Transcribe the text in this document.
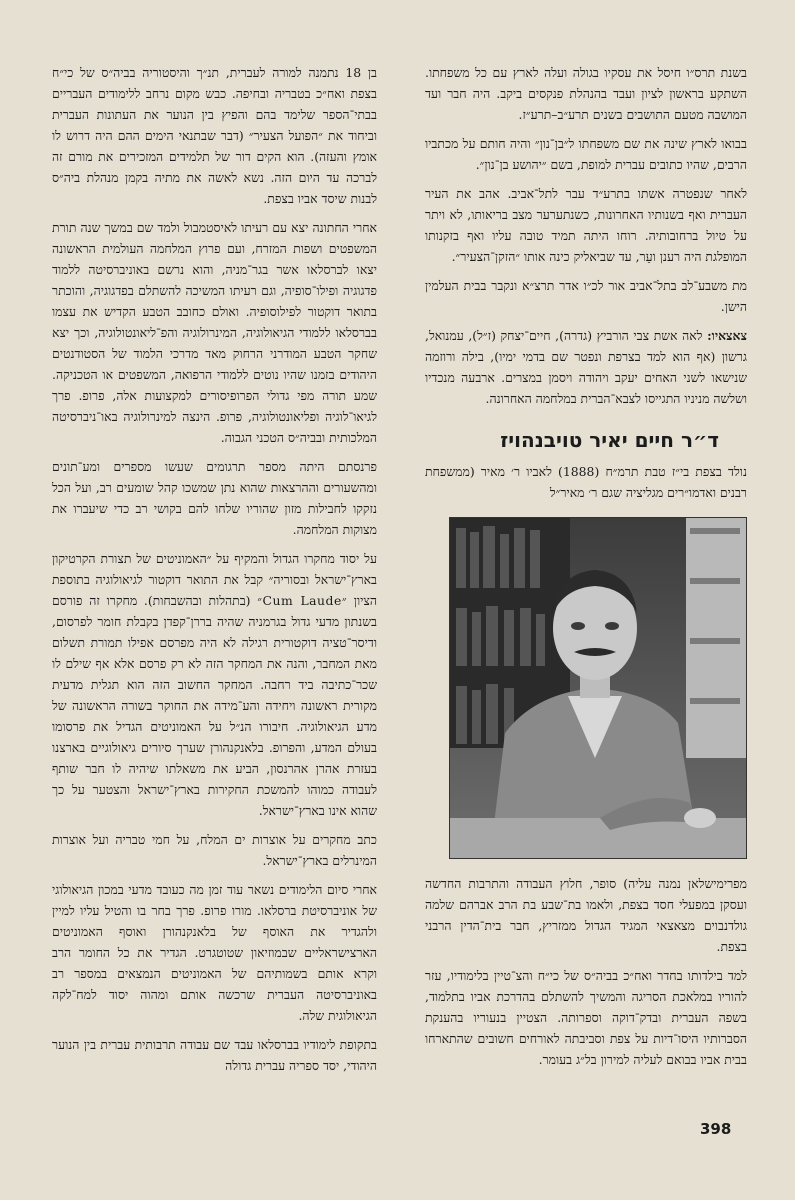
בשנת תרס״ו חיסל את עסקיו בגולה ועלה לארץ עם כל משפחתו. השתקע בראשון לציון ועבד בהנהלת פנקסים ביקב. היה חבר ועד המושבה מטעם התושבים בשנים תרע״ב–תרע״ז.

בבואו לארץ שינה את שם משפחתו ל״בן־נון״ והיה חותם על מכתביו הרבים, שהיו כתובים עברית למופת, בשם ״יהושע בן־נון״.

לאחר שנפטרה אשתו בתרע״ד עבר לתל־אביב. אהב את העיר העברית ואף בשנותיו האחרונות, כשנתערער מצב בריאותו, לא ויתר על טיול ברחובותיה. רוחו היתה תמיד טובה עליו ואף בזקנותו המופלגת היה רענן ועֵר, עד שביאליק כינה אותו ״הזקן־הצעיר״.

מת משבע־לב בתל־אביב אור לכ״ו אדר תרצ״א ונקבר בבית העלמין הישן.

צאצאיו: לאה אשת צבי הורביץ (גדרה), חיים־יצחק (ז״ל), עמנואל, גרשון (אף הוא למד בצרפת ונפטר שם בדמי ימיו), בילה ורוזמה שנישאו לשני האחים יעקב ויהודה ויסמן במצרים. ארבעה מנכדיו ושלשה מניניו התגייסו לצבא־הברית במלחמה האחרונה.

ד״ר חיים יאיר טויבנהויז

נולד בצפת בי״ז טבת תרמ״ח (1888) לאביו ר׳ מאיר (ממשפחת רבנים ואדמו״רים מגליציה שגם ר׳ מאיר״ל

מפרימישלאן נמנה עליה) סופר, חלוץ העבודה והתרבות החדשה ועסקן במפעלי חסד בצפת, ולאמו בת־שבע בת הרב אברהם שלמה גולדנבוים מצאצאי המגיד הגדול ממזריץ, חבר בית־הדין הרבני בצפת.

למד בילדותו בחדר ואח״כ בביה״ס של כי״ח והצ־טיין בלימודיו, עזר להוריו במלאכת הסריגה והמשיך להשתלם בהדרכת אביו בתלמוד, בשפה העברית ובדק־דוקה וספרותה. הצטיין בנעוריו בהענקת הסברותיו היסו־דיות על צפת וסביבתה לאורחים חשובים שהתארחו בבית אביו בבואם לעליה למירון בל״ג בעומר.

בן 18 נתמנה למורה לעברית, תנ״ך והיסטוריה בביה״ס של כי״ח בצפת ואח״כ בטבריה ובחיפה. כבש מקום נרחב ללימודים העבריים בבתי־הספר שלימד בהם והפיץ בין הנוער את העתונות העברית וביחוד את ״הפועל הצעיר״ (דבר שבתנאי הימים ההם היה דרוש לו אומץ והעזה). הוא הקים דור של תלמידים המזכירים את מורם זה לברכה עד היום הזה. נשא לאשה את מתיה בקמן מנהלת ביה״ס לבנות שיסד אביו בצפת.

אחרי החתונה יצא עם רעיתו לאיסטמבול ולמד שם במשך שנה תורת המשפטים ושפות המזרח, ועם פרוץ המלחמה העולמית הראשונה יצאו לברסלאו אשר בגר־מניה, והוא נרשם באוניברסיטה ללמוד פדגוגיה ופילו־סופיה, וגם רעיתו המשיכה להשתלם בפדגוגיה, והוכתר בתואר דוקטור לפילוסופיה. ואולם כחובב הטבע הקדיש את עצמו בברסלאו ללמודי הגיאולוגיה, המינרולוגיה והפ־ליאונטולוגיה, וכך יצא שחקר הטבע המודרני הרחוק מאד מדרכי הלמוד של הסטודנטים היהודים בזמנו שהיו נוטים ללמודי הרפואה, המשפטים או הטכניקה. שמע תורה מפי גדולי הפרופיסורים למקצועות אלה, פרופ. פרך לגיאו־לוגיה ופליאונטולוגיה, פרופ. הינצה למינרולוגיה באו־ניברסיטה המלכותית ובביה״ס הטכני הגבוה.

פרנסתם היתה מספר תרגומים שעשו מספרים ומע־תונים ומהשעורים וההרצאות שהוא נתן שמשכו קהל שומעים רב, ועל הכל נזקקו לחבילות מזון שהוריו שלחו להם בקושי רב כדי שיעברו את מצוקות המלחמה.

על יסוד מחקרו הגדול והמקיף על ״האמוניטים של תצורת הקרטיקון בארץ־ישראל ובסוריה״ קבל את התואר דוקטור לגיאולוגיה בתוספת הציון ״Cum Laude״ (בתהלות ובהשבחות). מחקרו זה פורסם בשנתון מדעי גדול בגרמניה שהיה בררן־קפדן בקבלת חומר לפרסום, ודיסר־טציה דוקטורית רגילה לא היה מפרסם אפילו תמורת תשלום מאת המחבר, והנה את המחקר הזה לא רק פרסם אלא אף שילם לו שכר־כתיבה ביד רחבה. המחקר החשוב הזה הוא תגלית מדעית מקורית ראשונה ויחידה והע־מידה את החוקר בשורה הראשונה של מדע הגיאולוגיה. חיבורו הנ״ל על האמוניטים הגדיל את פרסומו בעולם המדע, והפרופ. בלאנקנהורן שערך סיורים גיאולוגיים בארצנו בעזרת אהרן אהרנסון, הביע את משאלתו שיהיה לו חבר שותף לעבודה כמוהו להמשכת החקירות בארץ־ישראל והצטער על כך שהוא אינו בארץ־ישראל.

כתב מחקרים על אוצרות ים המלח, על חמי טבריה ועל אוצרות המינרלים בארץ־ישראל.

אחרי סיום הלימודים נשאר עוד זמן מה כעובד מדעי במכון הגיאולוגי של אוניברסיטת ברסלאו. מורו פרופ. פרך בחר בו והטיל עליו למיין ולהגדיר את האוסף של בלאנקנהורן ואוסף האמוניטים הארצישראליים שבמוזיאון שטוטגרט. הגדיר את כל החומר הרב וקרא אותם בשמותיהם של האמוניטים הנמצאים במספר רב באוניברסיטה העברית שרכשה אותם ומהוה יסוד למח־לקה הגיאולוגית שלה.

בתקופת לימודיו בברסלאו עבד שם עבודה תרבותית עברית בין הנוער היהודי, יסד ספריה עברית גדולה

398
